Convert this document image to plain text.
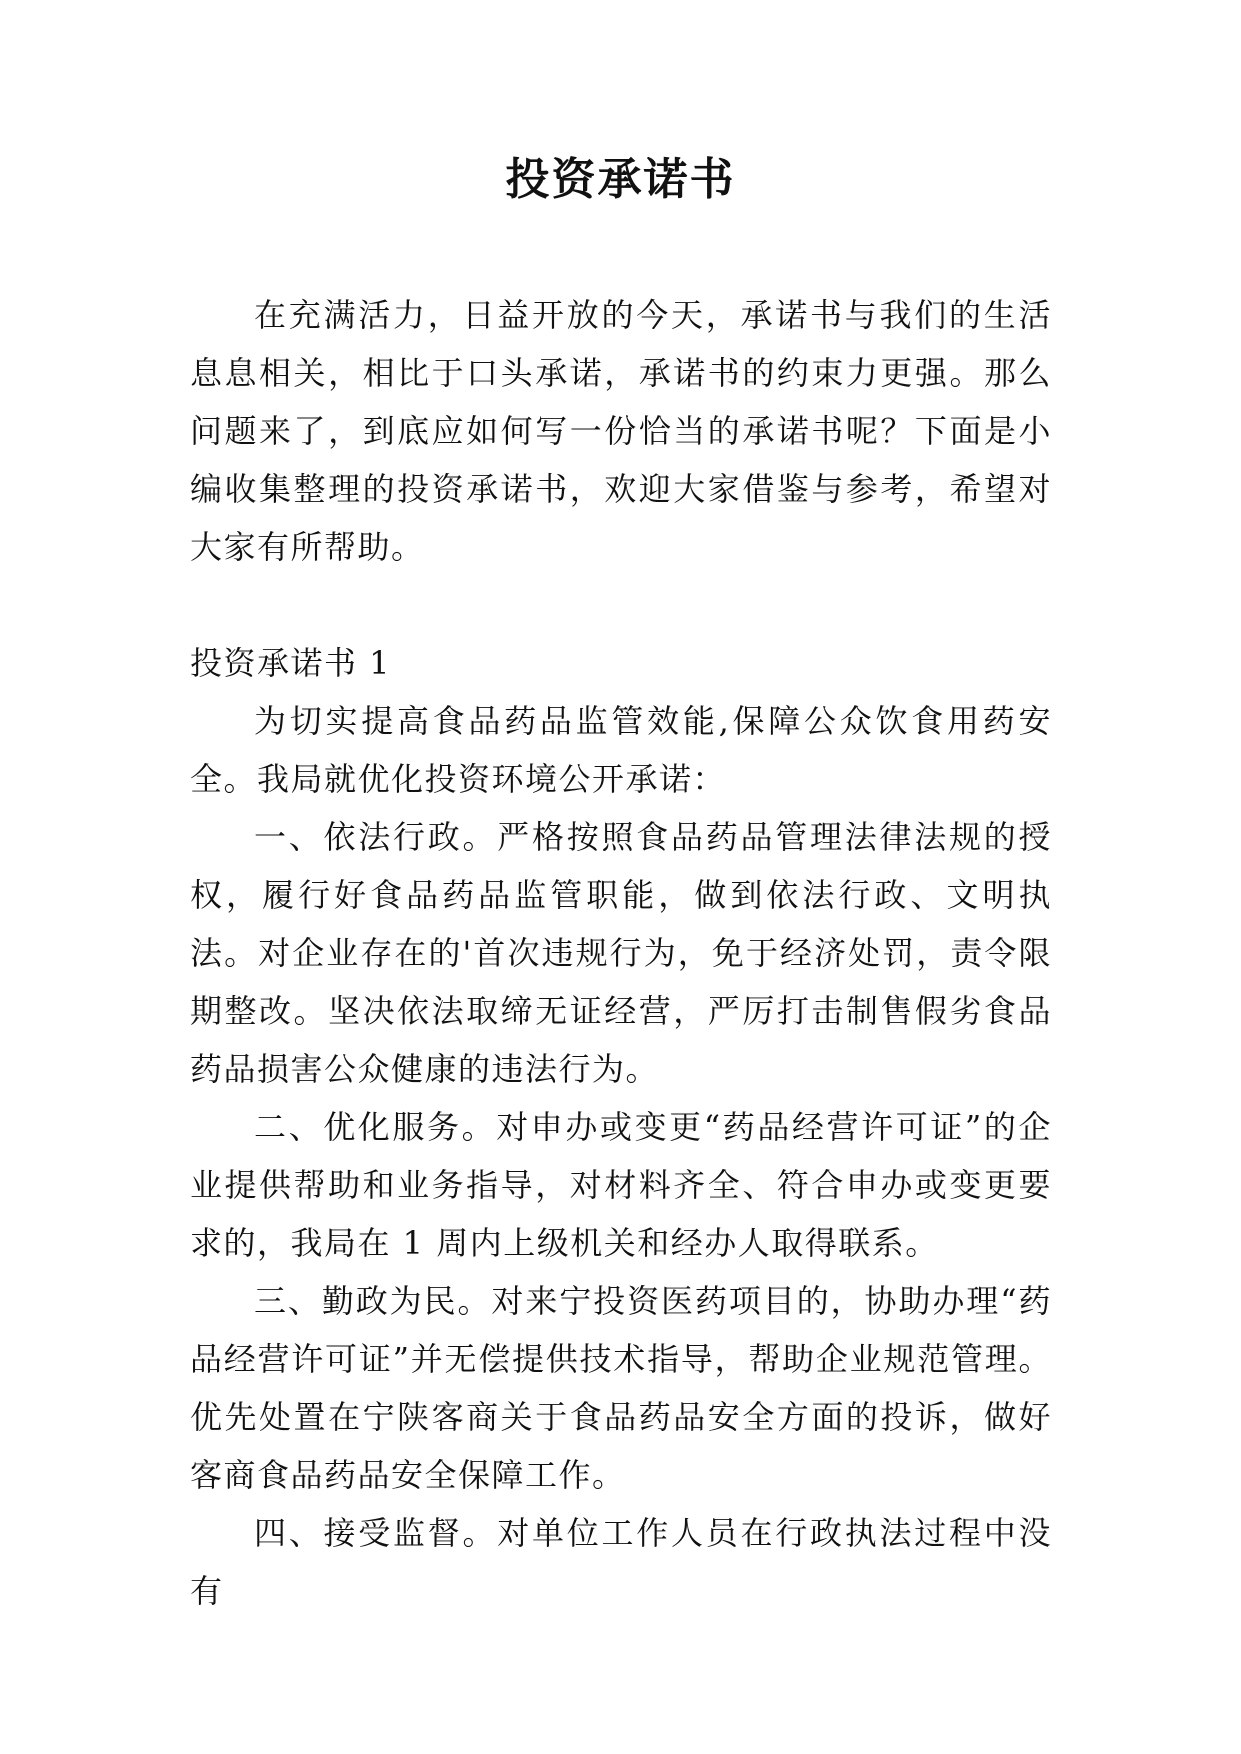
投资承诺书

在充满活力，日益开放的今天，承诺书与我们的生活息息相关，相比于口头承诺，承诺书的约束力更强。那么问题来了，到底应如何写一份恰当的承诺书呢？下面是小编收集整理的投资承诺书，欢迎大家借鉴与参考，希望对大家有所帮助。

投资承诺书 1

为切实提高食品药品监管效能,保障公众饮食用药安全。我局就优化投资环境公开承诺：

一、依法行政。严格按照食品药品管理法律法规的授权，履行好食品药品监管职能，做到依法行政、文明执法。对企业存在的'首次违规行为，免于经济处罚，责令限期整改。坚决依法取缔无证经营，严厉打击制售假劣食品药品损害公众健康的违法行为。

二、优化服务。对申办或变更“药品经营许可证”的企业提供帮助和业务指导，对材料齐全、符合申办或变更要求的，我局在 1 周内上级机关和经办人取得联系。

三、勤政为民。对来宁投资医药项目的，协助办理“药品经营许可证”并无偿提供技术指导，帮助企业规范管理。优先处置在宁陕客商关于食品药品安全方面的投诉，做好客商食品药品安全保障工作。

四、接受监督。对单位工作人员在行政执法过程中没有
